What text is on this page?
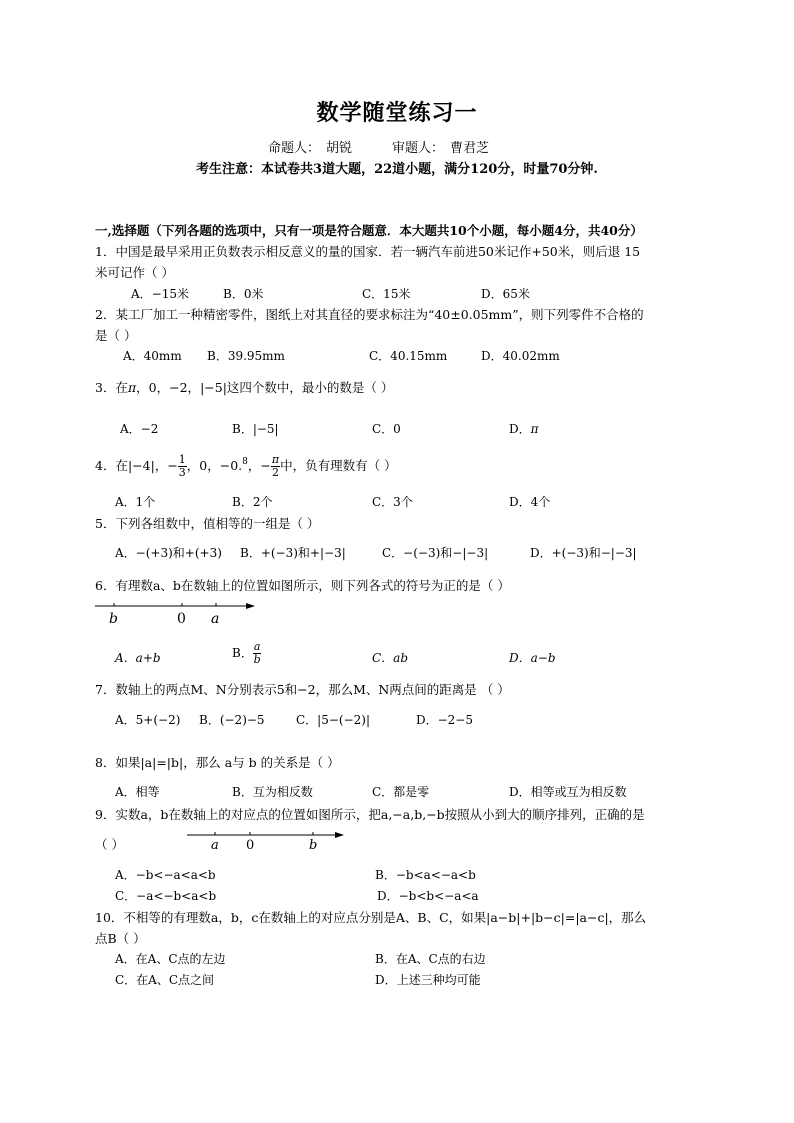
数学随堂练习一
命题人： 胡锐	审题人： 曹君芝
考生注意：本试卷共3道大题，22道小题，满分120分，时量70分钟.
一,选择题（下列各题的选项中，只有一项是符合题意．本大题共10个小题，每小题4分，共40分）
1．中国是最早采用正负数表示相反意义的量的国家．若一辆汽车前进50米记作+50米，则后退 15
米可记作（ ）
A．−15米	B．0米	C．15米	D．65米
2．某工厂加工一种精密零件，图纸上对其直径的要求标注为“40±0.05mm”，则下列零件不合格的
是（ ）
A．40mm B．39.95mm	C．40.15mm	D．40.02mm
3．在π，0，−2，|−5|这四个数中，最小的数是（ ）
A．−2	B．|−5|	C．0	D．π
4．在|−4|，− $\frac{1}{3}$ ，0，−0.$^8$，− $\frac{\pi}{2}$ 中，负有理数有（ ）
A．1个	B．2个	C．3个	D．4个
5．下列各组数中，值相等的一组是（ ）
A．−(+3)和+(+3) B．+(−3)和+|−3|	C．−(−3)和−|−3|	D．+(−3)和−|−3|
6．有理数a、b在数轴上的位置如图所示，则下列各式的符号为正的是（ ）
b	0 a
A．a+b	B． $\frac{a}{b}$	C．ab	D．a−b
7．数轴上的两点M、N分别表示5和−2，那么M、N两点间的距离是 （ ）
A．5+(−2) B．(−2)−5	C．|5−(−2)|	D．−2−5
8．如果|a|=|b|，那么 a与 b 的关系是（ ）
A．相等	B．互为相反数	C．都是零	D．相等或互为相反数
9．实数a，b在数轴上的对应点的位置如图所示，把a,−a,b,−b按照从小到大的顺序排列，正确的是
（ ）	a 0	b
A．−b<−a<a<b	B．−b<a<−a<b
C．−a<−b<a<b	D．−b<b<−a<a
10．不相等的有理数a，b，c在数轴上的对应点分别是A、B、C，如果|a−b|+|b−c|=|a−c|，那么
点B（ ）
A．在A、C点的左边	B．在A、C点的右边
C．在A、C点之间	D．上述三种均可能
